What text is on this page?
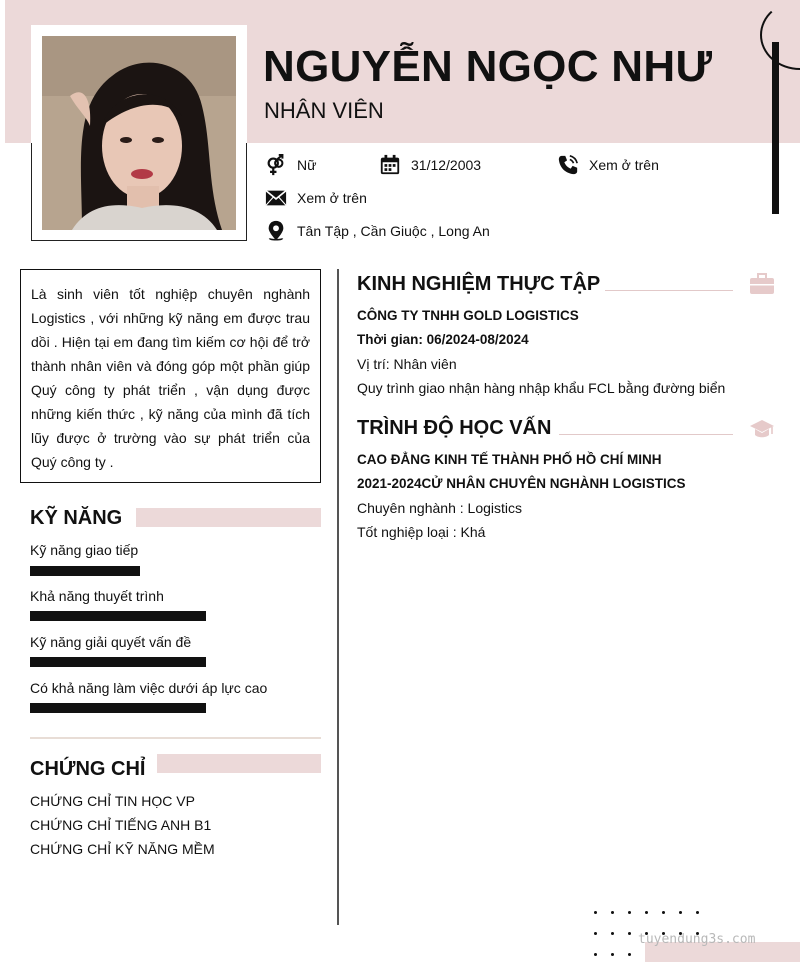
NGUYỄN NGỌC NHƯ
NHÂN VIÊN
Nữ	31/12/2003	Xem ở trên
Xem ở trên
Tân Tập , Cần Giuộc , Long An

Là sinh viên tốt nghiệp chuyên nghành Logistics , với những kỹ năng em được trau dồi . Hiện tại em đang tìm kiếm cơ hội để trở thành nhân viên và đóng góp một phần giúp Quý công ty phát triển , vận dụng được những kiến thức , kỹ năng của mình đã tích lũy được ở trường vào sự phát triển của Quý công ty .

KỸ NĂNG
Kỹ năng giao tiếp
Khả năng thuyết trình
Kỹ năng giải quyết vấn đề
Có khả năng làm việc dưới áp lực cao
CHỨNG CHỈ
CHỨNG CHỈ TIN HỌC VP
CHỨNG CHỈ TIẾNG ANH B1
CHỨNG CHỈ KỸ NĂNG MỀM
KINH NGHIỆM THỰC TẬP
CÔNG TY TNHH GOLD LOGISTICS
Thời gian: 06/2024-08/2024
Vị trí: Nhân viên
Quy trình giao nhận hàng nhập khẩu FCL bằng đường biển
TRÌNH ĐỘ HỌC VẤN
CAO ĐẲNG KINH TẾ THÀNH PHỐ HỒ CHÍ MINH
2021-2024CỬ NHÂN CHUYÊN NGHÀNH LOGISTICS
Chuyên nghành : Logistics
Tốt nghiệp loại : Khá
tuyendung3s.com
